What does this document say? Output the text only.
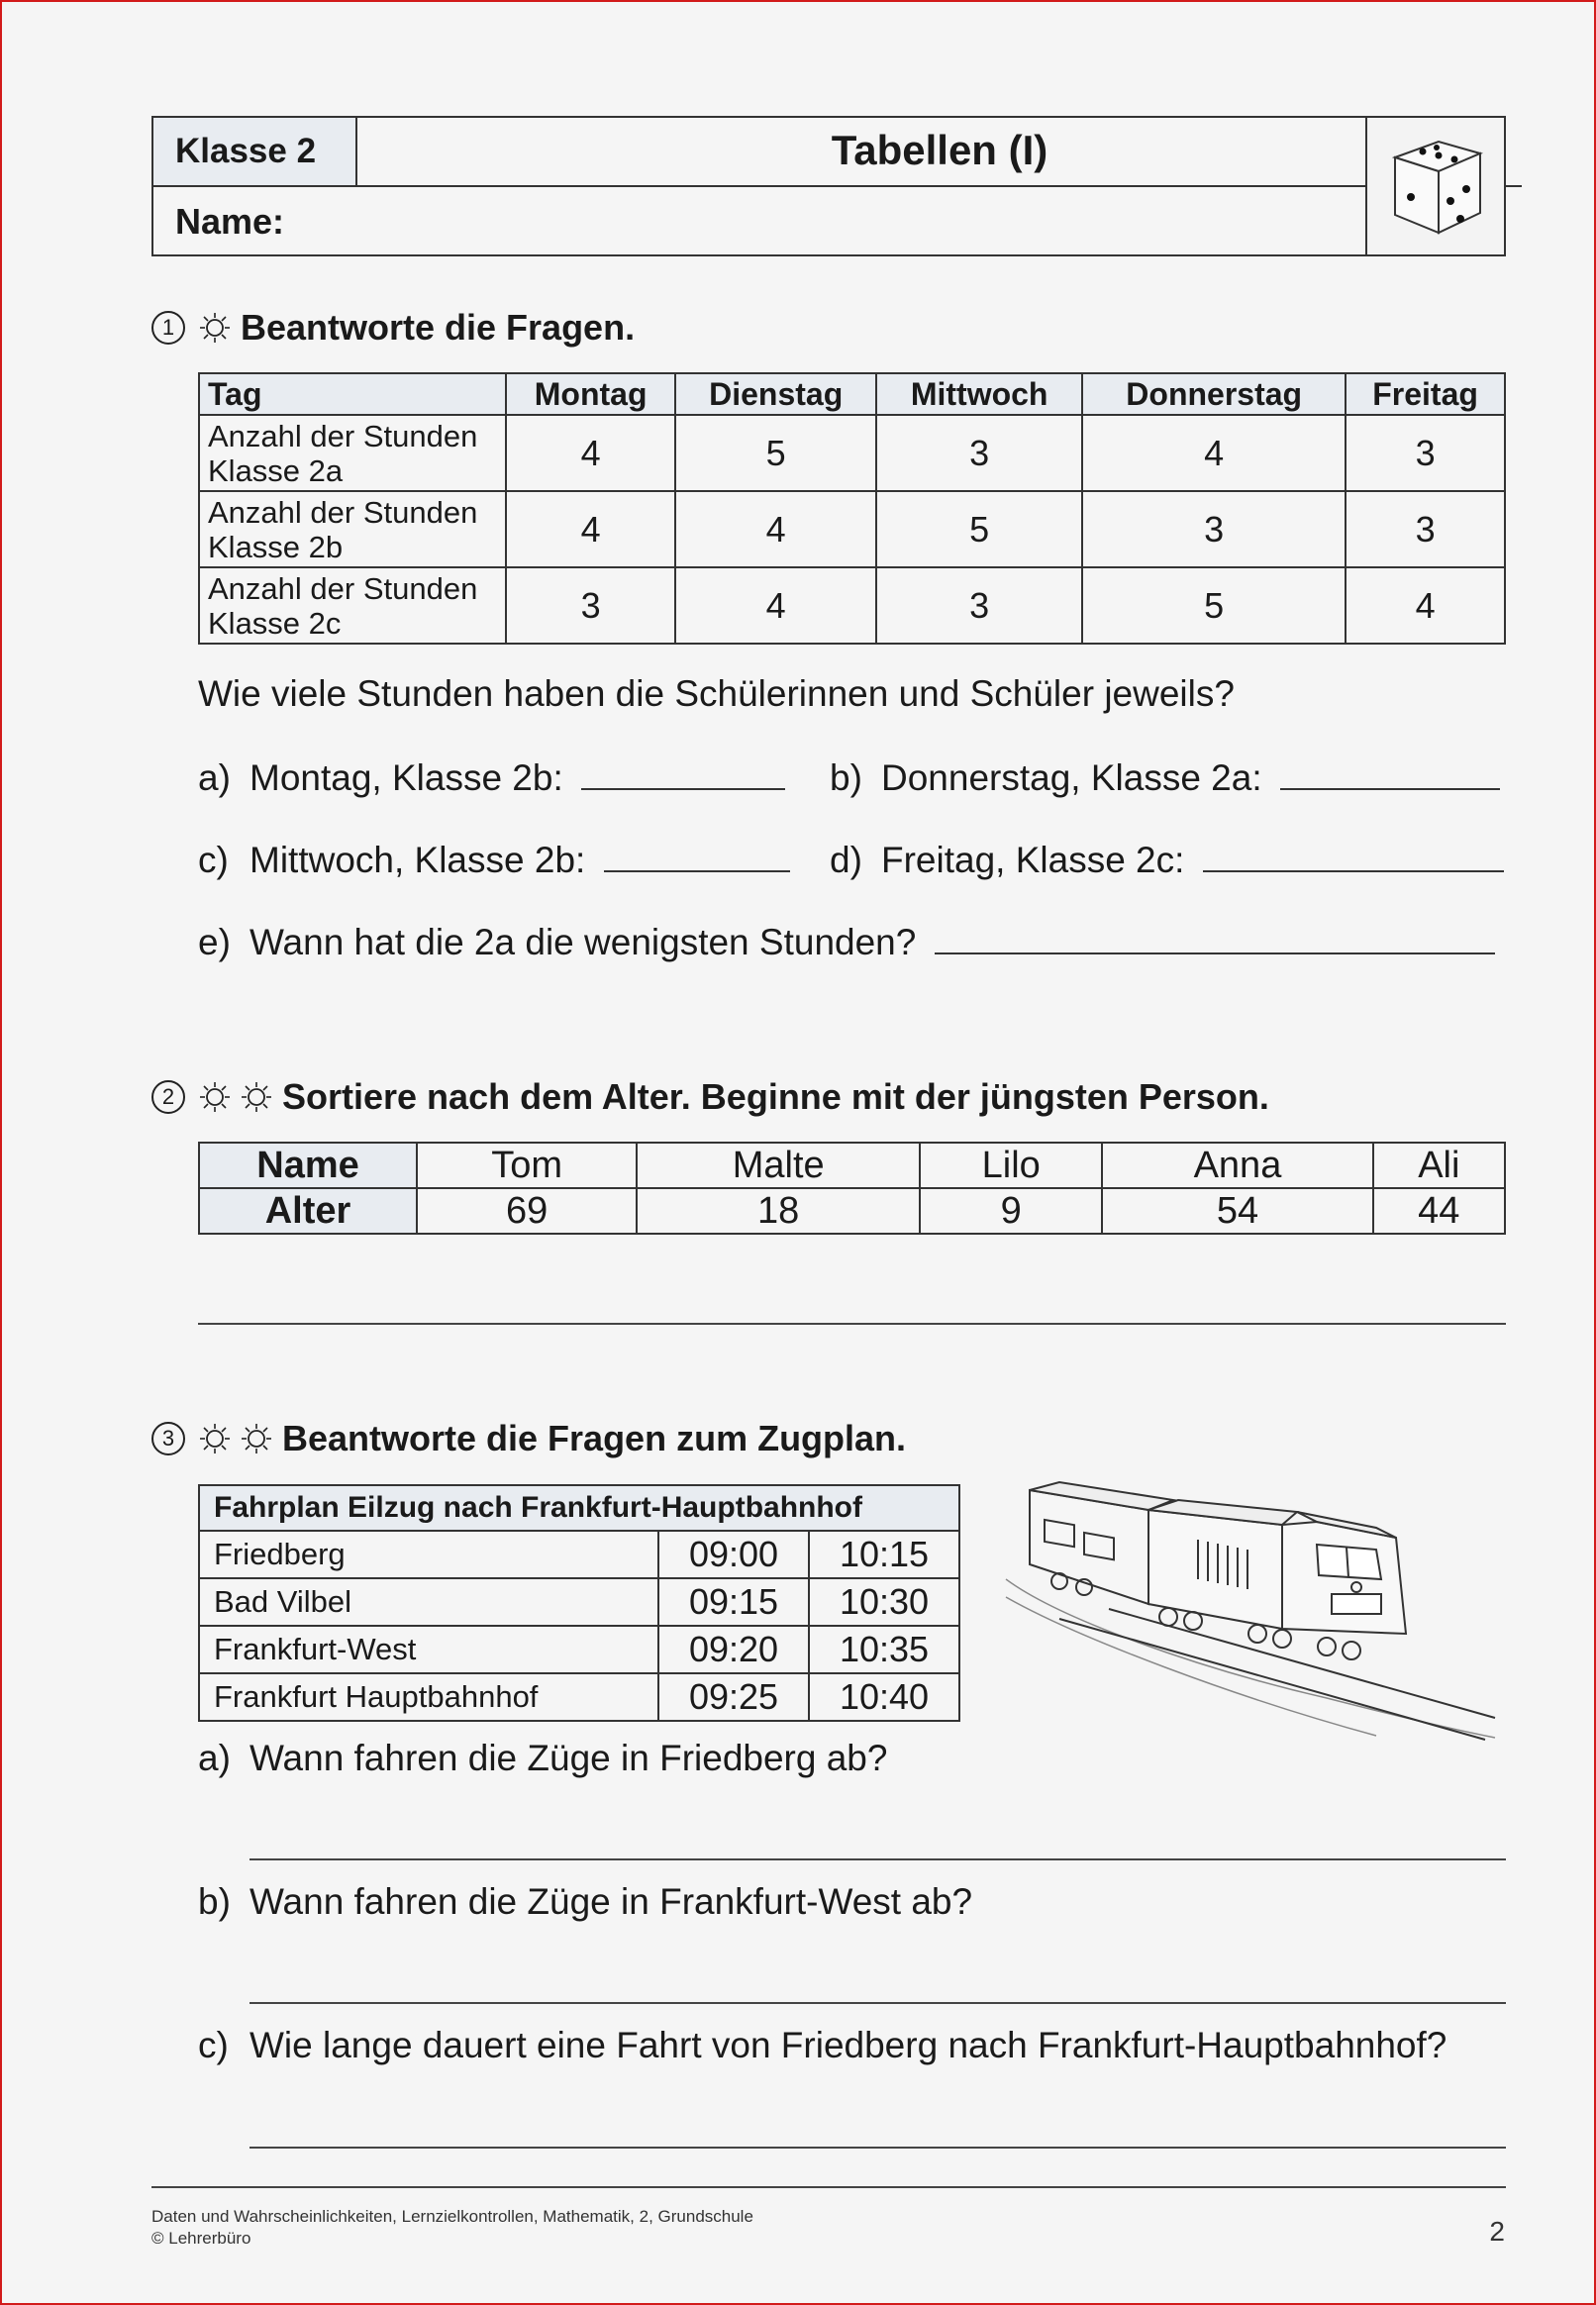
Klasse 2	Tabellen (I)
Name:
1	Beantworte die Fragen.
Tag	Montag	Dienstag	Mittwoch	Donnerstag	Freitag
Anzahl der Stunden
Klasse 2a	4	5	3	4	3
Anzahl der Stunden
Klasse 2b	4	4	5	3	3
Anzahl der Stunden
Klasse 2c	3	4	3	5	4
Wie viele Stunden haben die Schülerinnen und Schüler jeweils?
a) Montag, Klasse 2b:	b) Donnerstag, Klasse 2a:
c) Mittwoch, Klasse 2b:	d) Freitag, Klasse 2c:
e) Wann hat die 2a die wenigsten Stunden?
2	Sortiere nach dem Alter. Beginne mit der jüngsten Person.
Name	Tom	Malte	Lilo	Anna	Ali
Alter	69	18	9	54	44
3	Beantworte die Fragen zum Zugplan.
Fahrplan Eilzug nach Frankfurt-Hauptbahnhof		
Friedberg	09:00	10:15
Bad Vilbel	09:15	10:30
Frankfurt-West	09:20	10:35
Frankfurt Hauptbahnhof	09:25	10:40
a) Wann fahren die Züge in Friedberg ab?
b) Wann fahren die Züge in Frankfurt-West ab?
c) Wie lange dauert eine Fahrt von Friedberg nach Frankfurt-Hauptbahnhof?
Daten und Wahrscheinlichkeiten, Lernzielkontrollen, Mathematik, 2, Grundschule
© Lehrerbüro	2
